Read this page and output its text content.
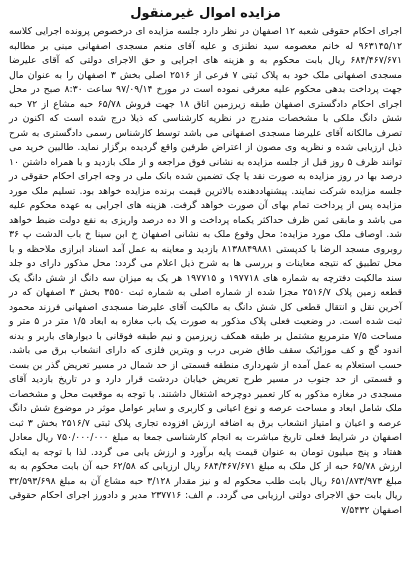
مزایده اموال غیرمنقول

اجرای احکام حقوقی شعبه ۱۲ اصفهان در نظر دارد جلسه مزایده ای درخصوص پرونده اجرایی کلاسه ۹۶۳۱۴۵/۱۲ له خانم معصومه سید نطنزی و علیه آقای منعم مسجدی اصفهانی مبنی بر مطالبه ۶۸۴/۴۶۷/۶۷۱ ریال بابت محکوم به و هزینه های اجرایی و حق الاجرای دولتی که آقای علیرضا مسجدی اصفهانی ملک خود به پلاک ثبتی ۷ فرعی از ۲۵۱۶ اصلی بخش ۳ اصفهان را به عنوان مال جهت پرداخت بدهی محکوم علیه معرفی نموده است در مورخ ۹۷/۰۹/۱۴ ساعت ۸:۳۰ صبح در محل اجرای احکام دادگستری اصفهان طبقه زیرزمین اتاق ۱۸ جهت فروش ۶۵/۷۸ حبه مشاع از ۷۲ حبه شش دانگ ملکی با مشخصات مندرج در نظریه کارشناسی که ذیلا درج شده است که اکنون در تصرف مالکانه آقای علیرضا مسجدی اصفهانی می باشد توسط کارشناس رسمی دادگستری به شرح ذیل ارزیابی شده و نظریه وی مصون از اعتراض طرفین واقع گردیده برگزار نماید. طالبین خرید می توانند ظرف ۵ روز قبل از جلسه مزایده به نشانی فوق مراجعه و از ملک بازدید و با همراه داشتن ۱۰ درصد بها در روز مزایده به صورت نقد یا چک تضمین شده بانک ملی در وجه اجرای احکام حقوقی در جلسه مزایده شرکت نمایند. پیشنهاددهنده بالاترین قیمت برنده مزایده خواهد بود. تسلیم ملک مورد مزایده پس از پرداخت تمام بهای آن صورت خواهد گرفت. هزینه های اجرایی به عهده محکوم علیه می باشد و مابقی ثمن ظرف حداکثر یکماه پرداخت و الا ده درصد واریزی به نفع دولت ضبط خواهد شد. اوصاف ملک مورد مزایده: محل وقوع ملک به نشانی اصفهان خ ابن سینا خ باب الدشت پ ۳۶ روبروی مسجد الرضا با کدپستی ۸۱۳۸۸۴۹۸۸۱ بازدید و معاینه به عمل آمد اسناد ابرازی ملاحظه و با محل تطبیق که نتیجه معاینات و بررسی ها به شرح ذیل اعلام می گردد: محل مذکور دارای دو جلد سند مالکیت دفترچه به شماره های ۱۹۷۷۱۸ و ۱۹۷۷۱۵ هر یک به میزان سه دانگ از شش دانگ یک قطعه زمین پلاک ۲۵۱۶/۷ مجزا شده از شماره اصلی به شماره ثبت ۳۵۵۰ بخش ۳ اصفهان که در آخرین نقل و انتقال قطعی کل شش دانگ به مالکیت آقای علیرضا مسجدی اصفهانی فرزند محمود ثبت شده است. در وضعیت فعلی پلاک مذکور به صورت یک باب مغازه به ابعاد ۱/۵ متر در ۵ متر و مساحت ۷/۵ مترمربع مشتمل بر طبقه همکف زیرزمین و نیم طبقه فوقانی با دیوارهای باربر و بدنه اندود گچ و کف موزائیک سقف طاق ضربی درب و ویترین فلزی که دارای انشعاب برق می باشد. حسب استعلام به عمل آمده از شهرداری منطقه قسمتی از حد شمال در مسیر تعریض گذر بن بست و قسمتی از حد جنوب در مسیر طرح تعریض خیابان دردشت قرار دارد و در تاریخ بازدید آقای مسجدی در مغازه مذکور به کار تعمیر دوچرخه اشتغال داشتند. با توجه به موقعیت محل و مشخصات ملک شامل ابعاد و مساحت عرصه و نوع اعیانی و کاربری و سایر عوامل موثر در موضوع شش دانگ عرصه و اعیان و امتیاز انشعاب برق به اضافه ارزش افزوده تجاری پلاک ثبتی ۲۵۱۶/۷ بخش ۳ ثبت اصفهان در شرایط فعلی تاریخ مباشرت به انجام کارشناسی جمعا به مبلغ ۷۵۰/۰۰۰/۰۰۰ ریال معادل هفتاد و پنج میلیون تومان به عنوان قیمت پایه برآورد و ارزش یابی می گردد. لذا با توجه به اینکه ارزش ۶۵/۷۸ حبه از کل ملک به مبلغ ۶۸۴/۴۶۷/۶۷۱ ریال ارزیابی که ۶۲/۵۸ حبه آن بابت محکوم به به مبلغ ۶۵۱/۸۷۳/۹۷۳ ریال بابت طلب محکوم له و نیز مقدار ۳/۱۲۸ حبه مشاع آن به مبلغ ۳۲/۵۹۳/۶۹۸ ریال بابت حق الاجرای دولتی ارزیابی می گردد. م الف: ۲۳۷۷۱۶ مدیر و دادورز اجرای احکام حقوقی اصفهان ۷/۵۴۳۲
